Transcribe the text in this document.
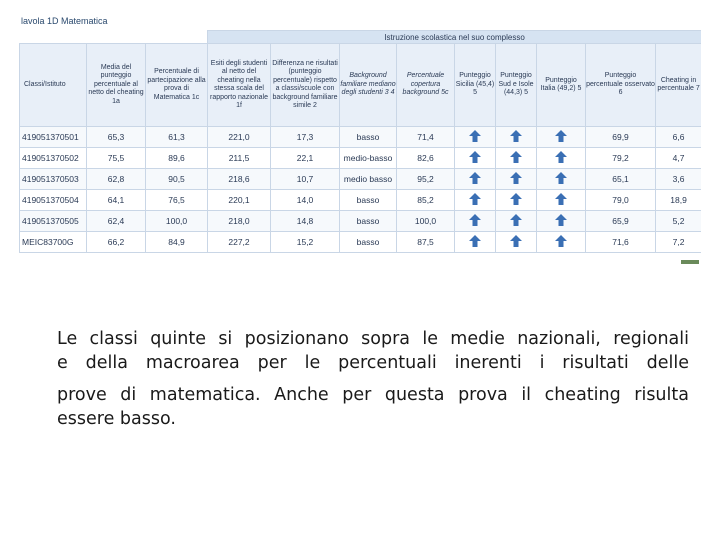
lavola 1D Matematica
			Istruzione scolastica nel suo complesso								
Classi/Istituto	Media del punteggio percentuale al netto del cheating 1a	Percentuale di partecipazione alla prova di Matematica 1c	Esiti degli studenti al netto del cheating nella stessa scala del rapporto nazionale 1f	Differenza ne risultati (punteggio percentuale) rispetto a classi/scuole con background familiare simile 2	Background familiare mediano degli studenti 3 4	Percentuale copertura background 5c	Punteggio Sicilia (45,4) 5	Punteggio Sud e Isole (44,3) 5	Punteggio Italia (49,2) 5	Punteggio percentuale osservato 6	Cheating in percentuale 7
419051370501	65,3	61,3	221,0	17,3	basso	71,4				69,9	6,6
419051370502	75,5	89,6	211,5	22,1	medio-basso	82,6				79,2	4,7
419051370503	62,8	90,5	218,6	10,7	medio basso	95,2				65,1	3,6
419051370504	64,1	76,5	220,1	14,0	basso	85,2				79,0	18,9
419051370505	62,4	100,0	218,0	14,8	basso	100,0				65,9	5,2
MEIC83700G	66,2	84,9	227,2	15,2	basso	87,5				71,6	7,2

Le classi quinte si posizionano sopra le medie nazionali, regionali

e della macroarea per le percentuali inerenti i risultati delle

prove di matematica. Anche per questa prova il cheating risulta

essere basso.
